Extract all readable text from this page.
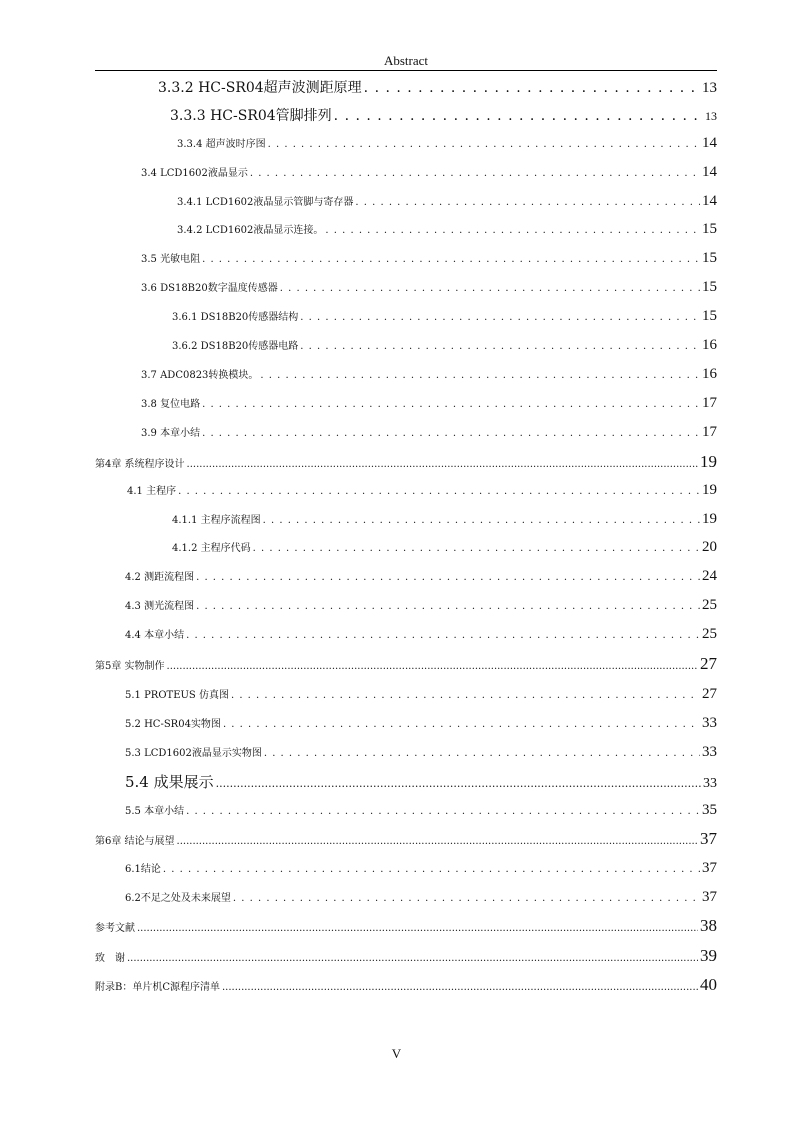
Abstract
3.3.2 HC-SR04超声波测距原理 . . .	13
3.3.3 HC-SR04管脚排列 . . .	13
3.3.4 超声波时序图 . . .	14
3.4 LCD1602液晶显示 . . .	14
3.4.1 LCD1602液晶显示管脚与寄存器 . . .	14
3.4.2 LCD1602液晶显示连接。 . . .	15
3.5 光敏电阻 . . .	15
3.6 DS18B20数字温度传感器 . . .	15
3.6.1 DS18B20传感器结构 . . .	15
3.6.2 DS18B20传感器电路 . . .	16
3.7 ADC0823转换模块。 . . .	16
3.8 复位电路 . . .	17
3.9 本章小结 . . .	17
第4章 系统程序设计 .....	19
4.1 主程序 . . .	19
4.1.1 主程序流程图 . . .	19
4.1.2 主程序代码 . . .	20
4.2 测距流程图 . . .	24
4.3 测光流程图 . . .	25
4.4 本章小结 . . .	25
第5章 实物制作 .....	27
5.1 PROTEUS 仿真图 . . .	27
5.2 HC-SR04实物图 . . .	33
5.3 LCD1602液晶显示实物图 . . .	33
5.4 成果展示 .....	33
5.5 本章小结 . . .	35
第6章 结论与展望 .....	37
6.1结论 . . .	37
6.2不足之处及未来展望 . . .	37
参考文献 .....	38
致　谢 .....	39
附录B：单片机C源程序清单 .....	40
V
